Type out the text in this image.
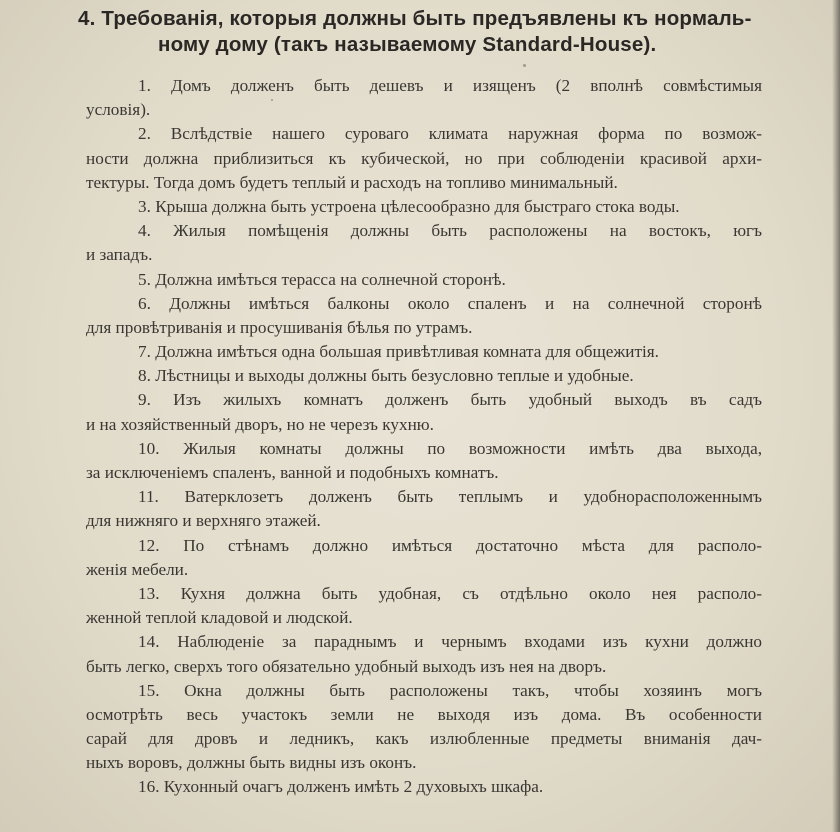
4. Требованія, которыя должны быть предъявлены къ нормаль-
ному дому (такъ называемому Standard-House).
1. Домъ долженъ быть дешевъ и изященъ (2 вполнѣ совмѣстимыя
условія).
2. Вслѣдствіе нашего суроваго климата наружная форма по возмож-
ности должна приблизиться къ кубической, но при соблюденіи красивой архи-
тектуры. Тогда домъ будетъ теплый и расходъ на топливо минимальный.
3. Крыша должна быть устроена цѣлесообразно для быстраго стока воды.
4. Жилыя помѣщенія должны быть расположены на востокъ, югъ
и западъ.
5. Должна имѣться терасса на солнечной сторонѣ.
6. Должны имѣться балконы около спаленъ и на солнечной сторонѣ
для провѣтриванія и просушиванія бѣлья по утрамъ.
7. Должна имѣться одна большая привѣтливая комната для общежитія.
8. Лѣстницы и выходы должны быть безусловно теплые и удобные.
9. Изъ жилыхъ комнатъ долженъ быть удобный выходъ въ садъ
и на хозяйственный дворъ, но не черезъ кухню.
10. Жилыя комнаты должны по возможности имѣть два выхода,
за исключеніемъ спаленъ, ванной и подобныхъ комнатъ.
11. Ватерклозетъ долженъ быть теплымъ и удобнорасположеннымъ
для нижняго и верхняго этажей.
12. По стѣнамъ должно имѣться достаточно мѣста для располо-
женія мебели.
13. Кухня должна быть удобная, съ отдѣльно около нея располо-
женной теплой кладовой и людской.
14. Наблюденіе за параднымъ и чернымъ входами изъ кухни должно
быть легко, сверхъ того обязательно удобный выходъ изъ нея на дворъ.
15. Окна должны быть расположены такъ, чтобы хозяинъ могъ
осмотрѣть весь участокъ земли не выходя изъ дома. Въ особенности
сарай для дровъ и ледникъ, какъ излюбленные предметы вниманія дач-
ныхъ воровъ, должны быть видны изъ оконъ.
16. Кухонный очагъ долженъ имѣть 2 духовыхъ шкафа.
